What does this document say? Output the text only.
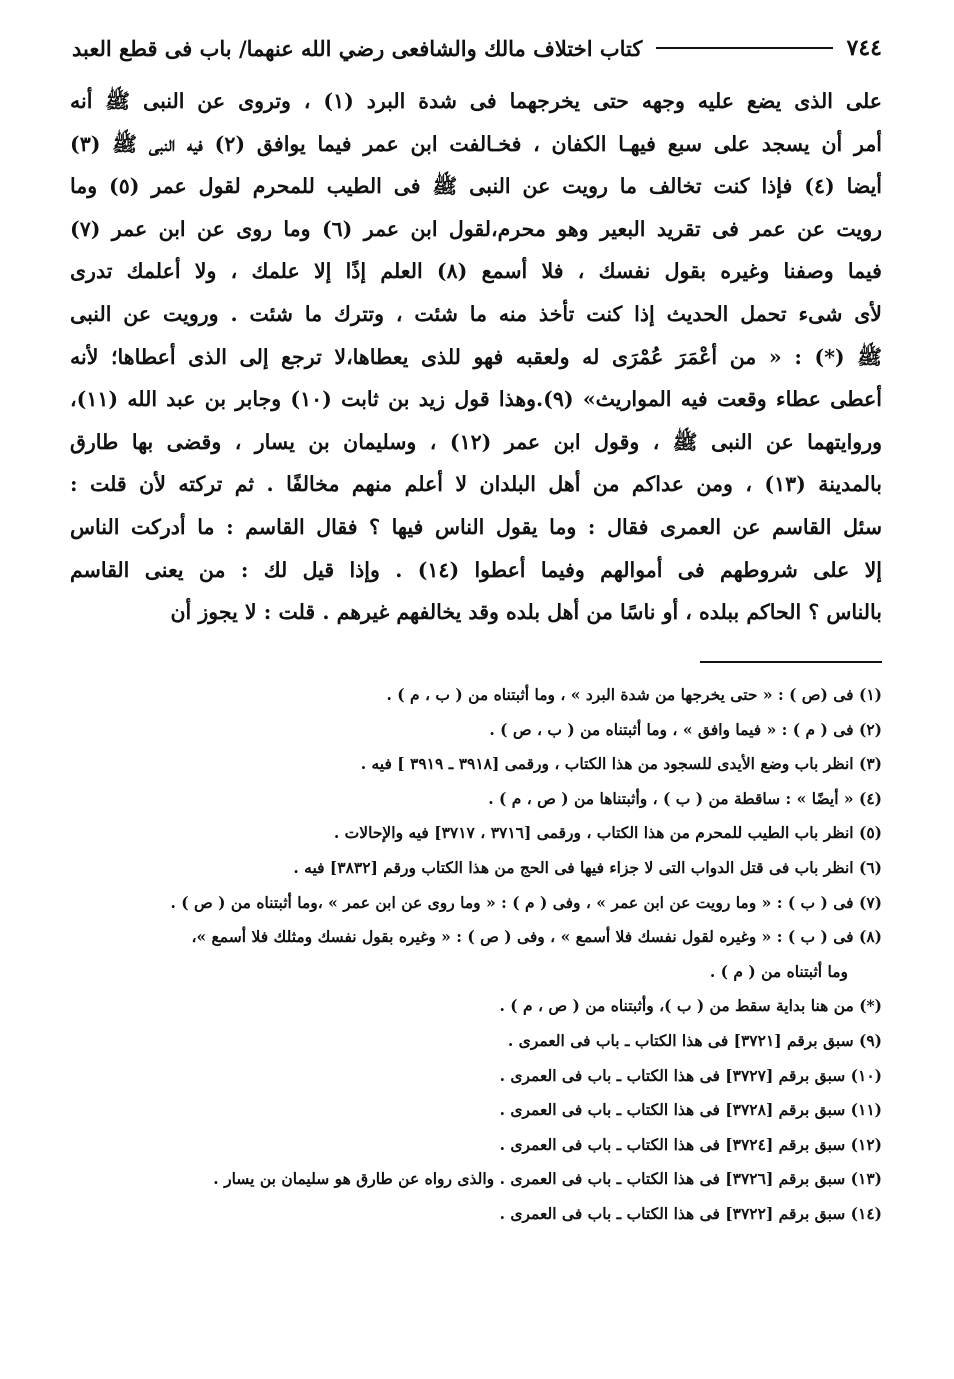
٧٤٤
كتاب اختلاف مالك والشافعى رضي الله عنهما/ باب فى قطع العبد
على الذى يضع عليه وجهه حتى يخرجهما فى شدة البرد (١) ، وتروى عن النبى ﷺ أنه
أمر أن يسجد على سبع فيهـا الكفان ، فخـالفت ابن عمر فيما يوافق (٢) فيه النبى ﷺ (٣)
أيضا (٤) فإذا كنت تخالف ما رويت عن النبى ﷺ فى الطيب للمحرم لقول عمر (٥) وما
رويت عن عمر فى تقريد البعير وهو محرم،لقول ابن عمر (٦) وما روى عن ابن عمر (٧)
فيما وصفنا وغيره بقول نفسك ، فلا أسمع (٨) العلم إذًا إلا علمك ، ولا أعلمك تدرى
لأى شىء تحمل الحديث إذا كنت تأخذ منه ما شئت ، وتترك ما شئت . ورويت عن النبى
ﷺ (*) : « من أعْمَرَ عُمْرَى له ولعقبه فهو للذى يعطاها،لا ترجع إلى الذى أعطاها؛ لأنه
أعطى عطاء وقعت فيه المواريث» (٩).وهذا قول زيد بن ثابت (١٠) وجابر بن عبد الله (١١)،
وروايتهما عن النبى ﷺ ، وقول ابن عمر (١٢) ، وسليمان بن يسار ، وقضى بها طارق
بالمدينة (١٣) ، ومن عداكم من أهل البلدان لا أعلم منهم مخالفًا . ثم تركته لأن قلت :
سئل القاسم عن العمرى فقال : وما يقول الناس فيها ؟ فقال القاسم : ما أدركت الناس
إلا على شروطهم فى أموالهم وفيما أعطوا (١٤) . وإذا قيل لك : من يعنى القاسم
بالناس ؟ الحاكم ببلده ، أو ناسًا من أهل بلده وقد يخالفهم غيرهم . قلت : لا يجوز أن
(١) فى (ص ) : « حتى يخرجها من شدة البرد » ، وما أثبتناه من ( ب ، م ) .
(٢) فى ( م ) : « فيما وافق » ، وما أثبتناه من ( ب ، ص ) .
(٣) انظر باب وضع الأيدى للسجود من هذا الكتاب ، ورقمى [٣٩١٨ ـ ٣٩١٩ ] فيه .
(٤) « أيضًا » : ساقطة من ( ب ) ، وأثبتناها من ( ص ، م ) .
(٥) انظر باب الطيب للمحرم من هذا الكتاب ، ورقمى [٣٧١٦ ، ٣٧١٧] فيه والإحالات .
(٦) انظر باب فى قتل الدواب التى لا جزاء فيها فى الحج من هذا الكتاب ورقم [٣٨٣٢] فيه .
(٧) فى ( ب ) : « وما رويت عن ابن عمر » ، وفى ( م ) : « وما روى عن ابن عمر » ،وما أثبتناه من ( ص ) .
(٨) فى ( ب ) : « وغيره لقول نفسك فلا أسمع » ، وفى ( ص ) : « وغيره بقول نفسك ومثلك فلا أسمع »،
وما أثبتناه من ( م ) .
(*) من هنا بداية سقط من ( ب )، وأثبتناه من ( ص ، م ) .
(٩) سبق برقم [٣٧٢١] فى هذا الكتاب ـ باب فى العمرى .
(١٠) سبق برقم [٣٧٢٧] فى هذا الكتاب ـ باب فى العمرى .
(١١) سبق برقم [٣٧٢٨] فى هذا الكتاب ـ باب فى العمرى .
(١٢) سبق برقم [٣٧٢٤] فى هذا الكتاب ـ باب فى العمرى .
(١٣) سبق برقم [٣٧٢٦] فى هذا الكتاب ـ باب فى العمرى . والذى رواه عن طارق هو سليمان بن يسار .
(١٤) سبق برقم [٣٧٢٢] فى هذا الكتاب ـ باب فى العمرى .
